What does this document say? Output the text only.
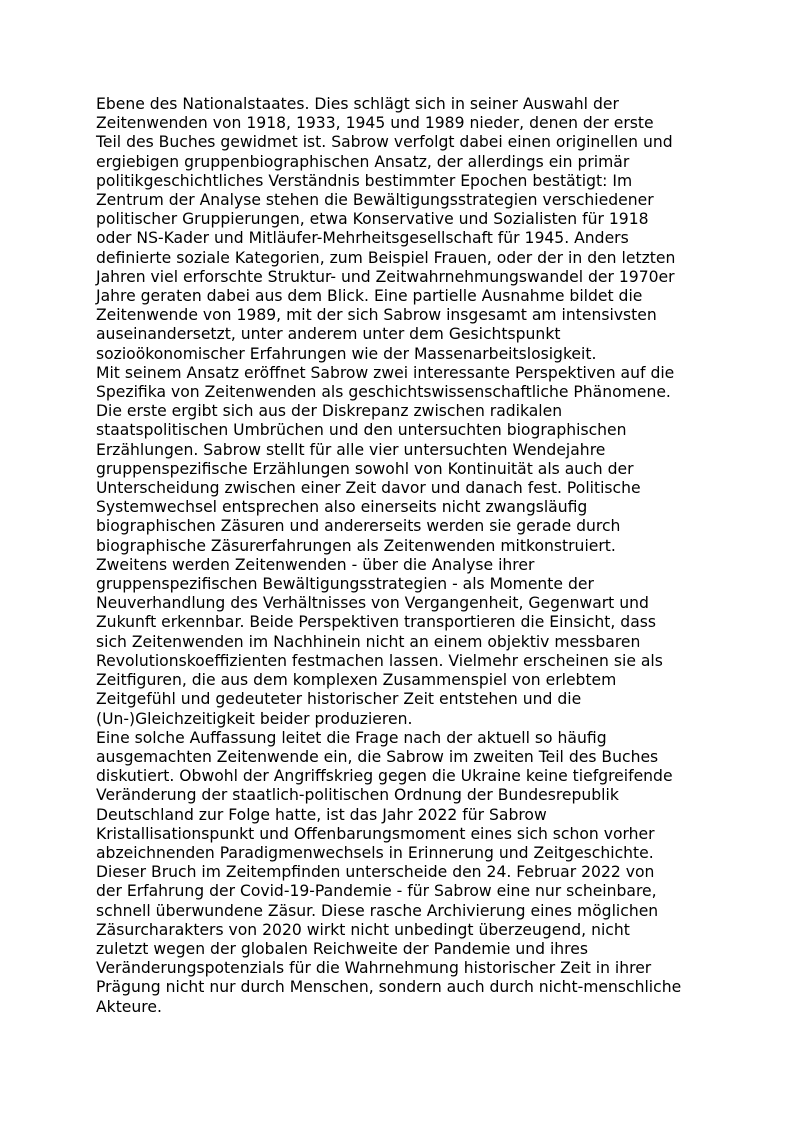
Ebene des Nationalstaates. Dies schlägt sich in seiner Auswahl der
Zeitenwenden von 1918, 1933, 1945 und 1989 nieder, denen der erste
Teil des Buches gewidmet ist. Sabrow verfolgt dabei einen originellen und
ergiebigen gruppenbiographischen Ansatz, der allerdings ein primär
politikgeschichtliches Verständnis bestimmter Epochen bestätigt: Im
Zentrum der Analyse stehen die Bewältigungsstrategien verschiedener
politischer Gruppierungen, etwa Konservative und Sozialisten für 1918
oder NS-Kader und Mitläufer-Mehrheitsgesellschaft für 1945. Anders
definierte soziale Kategorien, zum Beispiel Frauen, oder der in den letzten
Jahren viel erforschte Struktur- und Zeitwahrnehmungswandel der 1970er
Jahre geraten dabei aus dem Blick. Eine partielle Ausnahme bildet die
Zeitenwende von 1989, mit der sich Sabrow insgesamt am intensivsten
auseinandersetzt, unter anderem unter dem Gesichtspunkt
sozioökonomischer Erfahrungen wie der Massenarbeitslosigkeit.

Mit seinem Ansatz eröffnet Sabrow zwei interessante Perspektiven auf die
Spezifika von Zeitenwenden als geschichtswissenschaftliche Phänomene.
Die erste ergibt sich aus der Diskrepanz zwischen radikalen
staatspolitischen Umbrüchen und den untersuchten biographischen
Erzählungen. Sabrow stellt für alle vier untersuchten Wendejahre
gruppenspezifische Erzählungen sowohl von Kontinuität als auch der
Unterscheidung zwischen einer Zeit davor und danach fest. Politische
Systemwechsel entsprechen also einerseits nicht zwangsläufig
biographischen Zäsuren und andererseits werden sie gerade durch
biographische Zäsurerfahrungen als Zeitenwenden mitkonstruiert.
Zweitens werden Zeitenwenden - über die Analyse ihrer
gruppenspezifischen Bewältigungsstrategien - als Momente der
Neuverhandlung des Verhältnisses von Vergangenheit, Gegenwart und
Zukunft erkennbar. Beide Perspektiven transportieren die Einsicht, dass
sich Zeitenwenden im Nachhinein nicht an einem objektiv messbaren
Revolutionskoeffizienten festmachen lassen. Vielmehr erscheinen sie als
Zeitfiguren, die aus dem komplexen Zusammenspiel von erlebtem
Zeitgefühl und gedeuteter historischer Zeit entstehen und die
(Un-)Gleichzeitigkeit beider produzieren.

Eine solche Auffassung leitet die Frage nach der aktuell so häufig
ausgemachten Zeitenwende ein, die Sabrow im zweiten Teil des Buches
diskutiert. Obwohl der Angriffskrieg gegen die Ukraine keine tiefgreifende
Veränderung der staatlich-politischen Ordnung der Bundesrepublik
Deutschland zur Folge hatte, ist das Jahr 2022 für Sabrow
Kristallisationspunkt und Offenbarungsmoment eines sich schon vorher
abzeichnenden Paradigmenwechsels in Erinnerung und Zeitgeschichte.
Dieser Bruch im Zeitempfinden unterscheide den 24. Februar 2022 von
der Erfahrung der Covid-19-Pandemie - für Sabrow eine nur scheinbare,
schnell überwundene Zäsur. Diese rasche Archivierung eines möglichen
Zäsurcharakters von 2020 wirkt nicht unbedingt überzeugend, nicht
zuletzt wegen der globalen Reichweite der Pandemie und ihres
Veränderungspotenzials für die Wahrnehmung historischer Zeit in ihrer
Prägung nicht nur durch Menschen, sondern auch durch nicht-menschliche
Akteure.
